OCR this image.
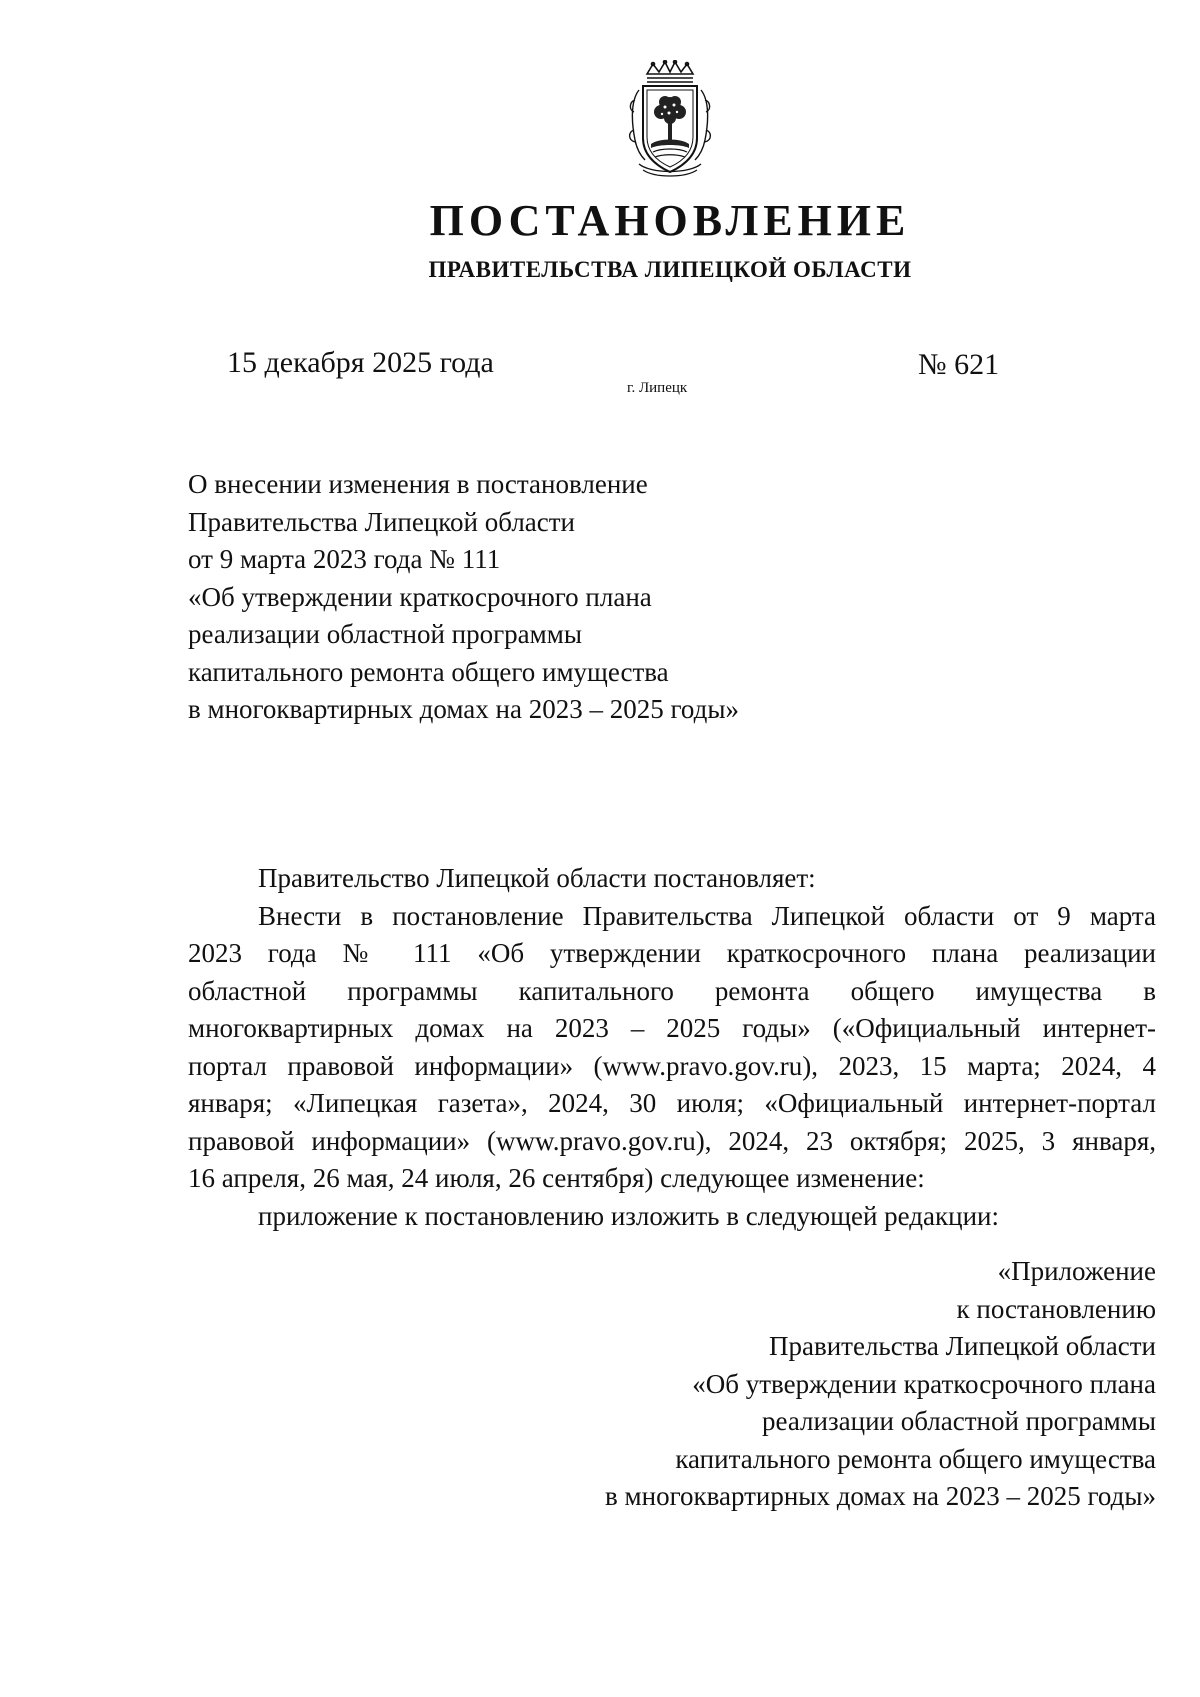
ПОСТАНОВЛЕНИЕ
ПРАВИТЕЛЬСТВА ЛИПЕЦКОЙ ОБЛАСТИ
15 декабря 2025 года
г. Липецк
№ 621
О внесении изменения в постановление
Правительства Липецкой области
от 9 марта 2023 года № 111
«Об утверждении краткосрочного плана
реализации областной программы
капитального ремонта общего имущества
в многоквартирных домах на 2023 – 2025 годы»
Правительство Липецкой области постановляет:
Внести в постановление Правительства Липецкой области от 9 марта
2023 года № 111 «Об утверждении краткосрочного плана реализации
областной программы капитального ремонта общего имущества в
многоквартирных домах на 2023 – 2025 годы» («Официальный интернет-
портал правовой информации» (www.pravo.gov.ru), 2023, 15 марта; 2024, 4
января; «Липецкая газета», 2024, 30 июля; «Официальный интернет-портал
правовой информации» (www.pravo.gov.ru), 2024, 23 октября; 2025, 3 января,
16 апреля, 26 мая, 24 июля, 26 сентября) следующее изменение:
приложение к постановлению изложить в следующей редакции:
«Приложение
к постановлению
Правительства Липецкой области
«Об утверждении краткосрочного плана
реализации областной программы
капитального ремонта общего имущества
в многоквартирных домах на 2023 – 2025 годы»
